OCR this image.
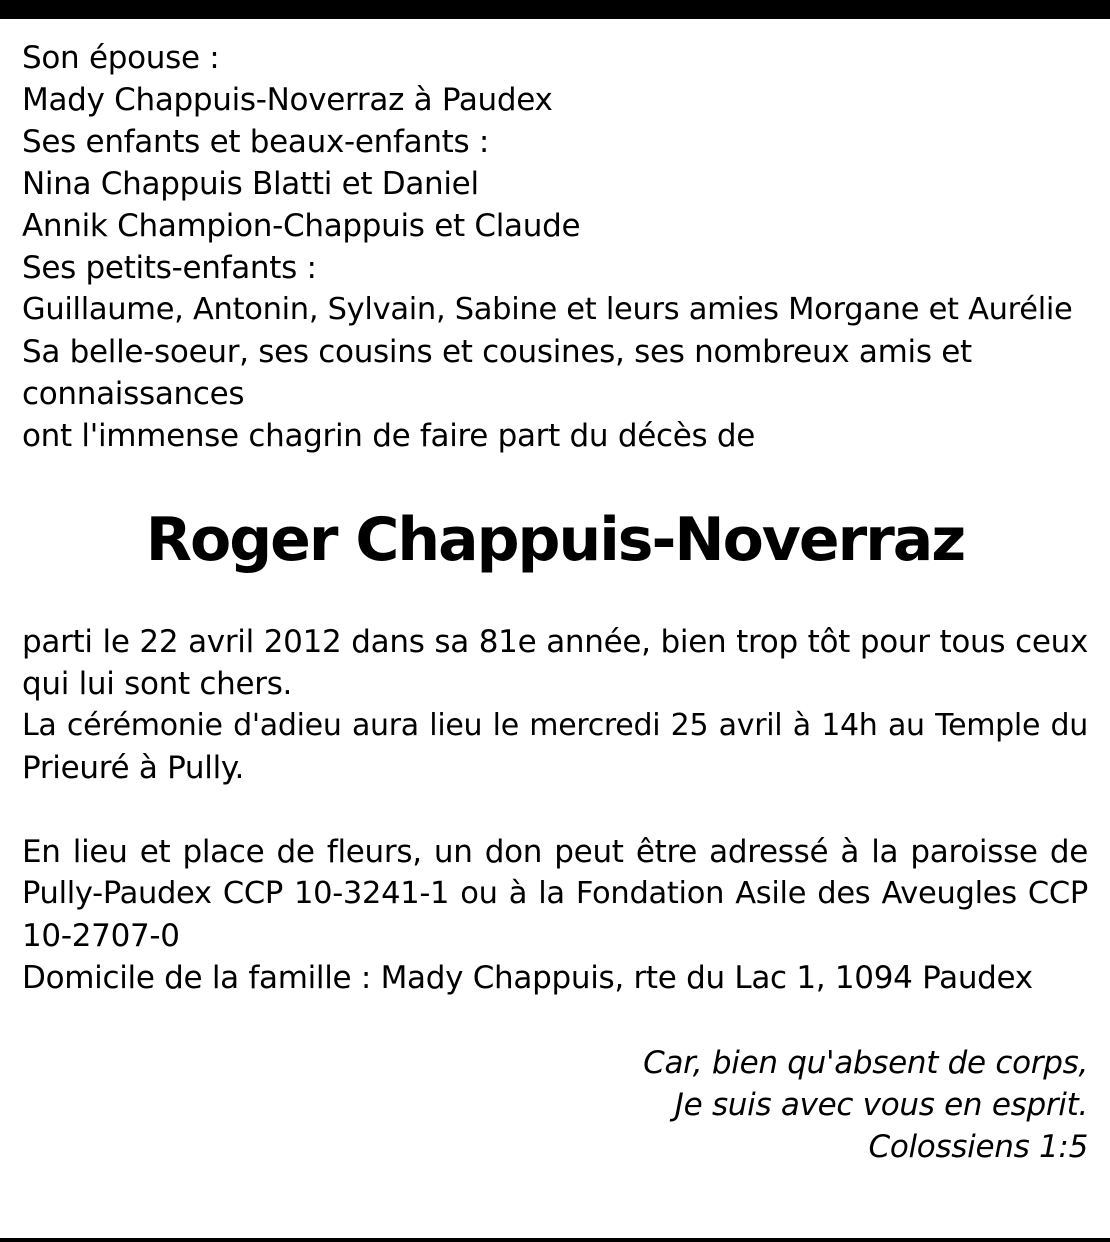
Son épouse :
Mady Chappuis-Noverraz à Paudex
Ses enfants et beaux-enfants :
Nina Chappuis Blatti et Daniel
Annik Champion-Chappuis et Claude
Ses petits-enfants :
Guillaume, Antonin, Sylvain, Sabine et leurs amies Morgane et Aurélie
Sa belle-soeur, ses cousins et cousines, ses nombreux amis et
connaissances
ont l'immense chagrin de faire part du décès de
Roger Chappuis-Noverraz
parti le 22 avril 2012 dans sa 81e année, bien trop tôt pour tous ceux
qui lui sont chers.
La cérémonie d'adieu aura lieu le mercredi 25 avril à 14h au Temple du
Prieuré à Pully.
En lieu et place de fleurs, un don peut être adressé à la paroisse de
Pully-Paudex CCP 10-3241-1 ou à la Fondation Asile des Aveugles CCP
10-2707-0
Domicile de la famille : Mady Chappuis, rte du Lac 1, 1094 Paudex
Car, bien qu'absent de corps,
Je suis avec vous en esprit.
Colossiens 1:5
